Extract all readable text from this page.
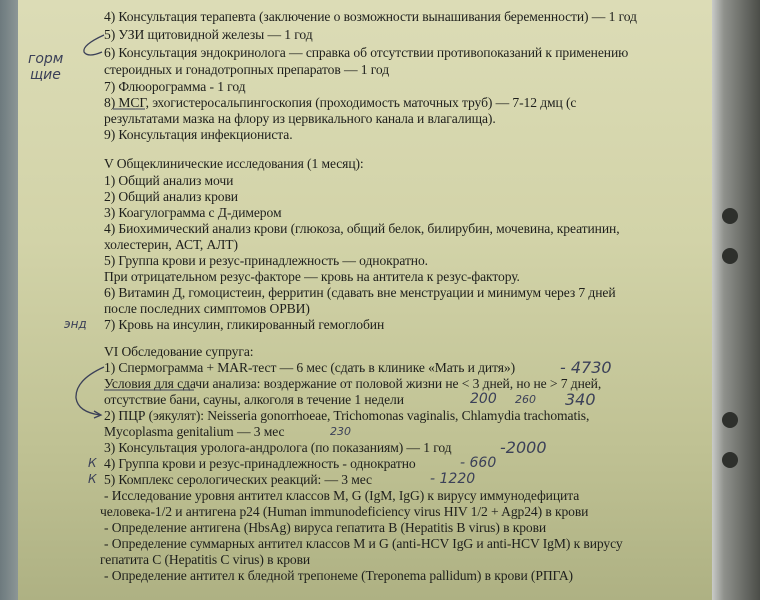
4) Консультация терапевта (заключение о возможности вынашивания беременности) — 1 год
5) УЗИ щитовидной железы — 1 год
6) Консультация эндокринолога — справка об отсутствии противопоказаний к применению
стероидных и гонадотропных препаратов — 1 год
7) Флюорограмма - 1 год
8) МСГ, эхогистеросальпингоскопия (проходимость маточных труб) — 7-12 дмц (с
результатами мазка на флору из цервикального канала и влагалища).
9) Консультация инфекциониста.
V Общеклинические исследования (1 месяц):
1) Общий анализ мочи
2) Общий анализ крови
3) Коагулограмма с Д-димером
4) Биохимический анализ крови (глюкоза, общий белок, билирубин, мочевина, креатинин,
холестерин, АСТ, АЛТ)
5) Группа крови и резус-принадлежность — однократно.
При отрицательном резус-факторе — кровь на антитела к резус-фактору.
6) Витамин Д, гомоцистеин, ферритин (сдавать вне менструации и минимум через 7 дней
после последних симптомов ОРВИ)
7) Кровь на инсулин, гликированный гемоглобин
VI Обследование супруга:
1) Спермограмма + MAR-тест — 6 мес (сдать в клинике «Мать и дитя»)
Условия для сдачи анализа: воздержание от половой жизни не < 3 дней, но не > 7 дней,
отсутствие бани, сауны, алкоголя в течение 1 недели
2) ПЦР (эякулят): Neisseria gonorrhoeae, Trichomonas vaginalis, Chlamydia trachomatis,
Mycoplasma genitalium — 3 мес
3) Консультация уролога-андролога (по показаниям) — 1 год
4) Группа крови и резус-принадлежность - однократно
5) Комплекс серологических реакций: — 3 мес
- Исследование уровня антител классов M, G (IgM, IgG) к вирусу иммунодефицита
человека-1/2 и антигена p24 (Human immunodeficiency virus HIV 1/2 + Agp24) в крови
- Определение антигена (HbsAg) вируса гепатита B (Hepatitis B virus) в крови
- Определение суммарных антител классов M и G (anti-HCV IgG и anti-HCV IgM) к вирусу
гепатита C (Hepatitis C virus) в крови
- Определение антител к бледной трепонеме (Treponema pallidum) в крови (РПГА)
горм
щие
энд
- 4730
200 260 340
230
-2000
- 660
- 1220
К
К
